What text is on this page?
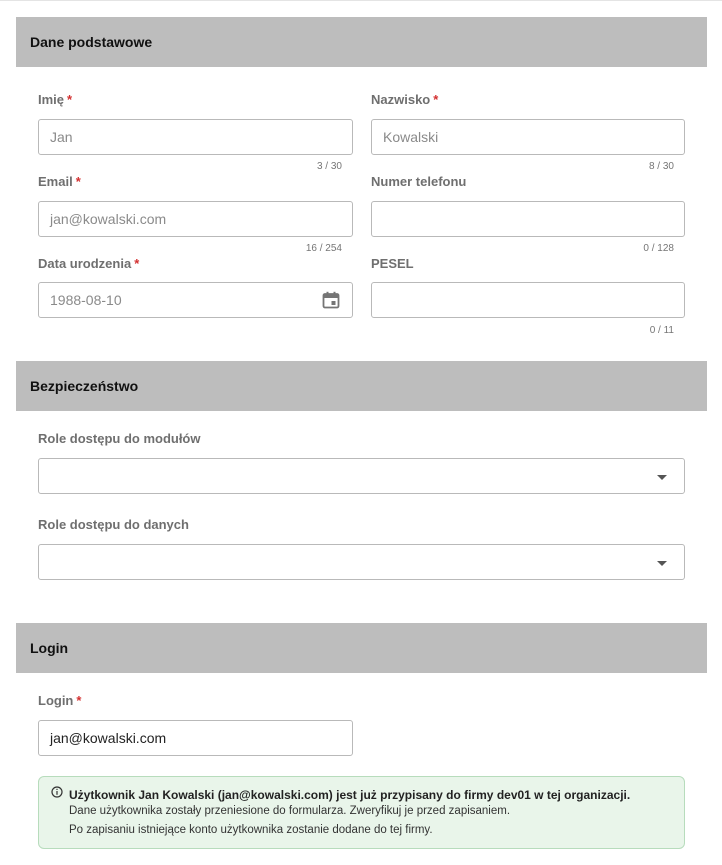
Dane podstawowe
Imię *
Jan
3 / 30
Nazwisko *
Kowalski
8 / 30
Email *
jan@kowalski.com
16 / 254
Numer telefonu
0 / 128
Data urodzenia *
1988-08-10
PESEL
0 / 11
Bezpieczeństwo
Role dostępu do modułów
Role dostępu do danych
Login
Login *
jan@kowalski.com
Użytkownik Jan Kowalski (jan@kowalski.com) jest już przypisany do firmy dev01 w tej organizacji.
Dane użytkownika zostały przeniesione do formularza. Zweryfikuj je przed zapisaniem.
Po zapisaniu istniejące konto użytkownika zostanie dodane do tej firmy.
